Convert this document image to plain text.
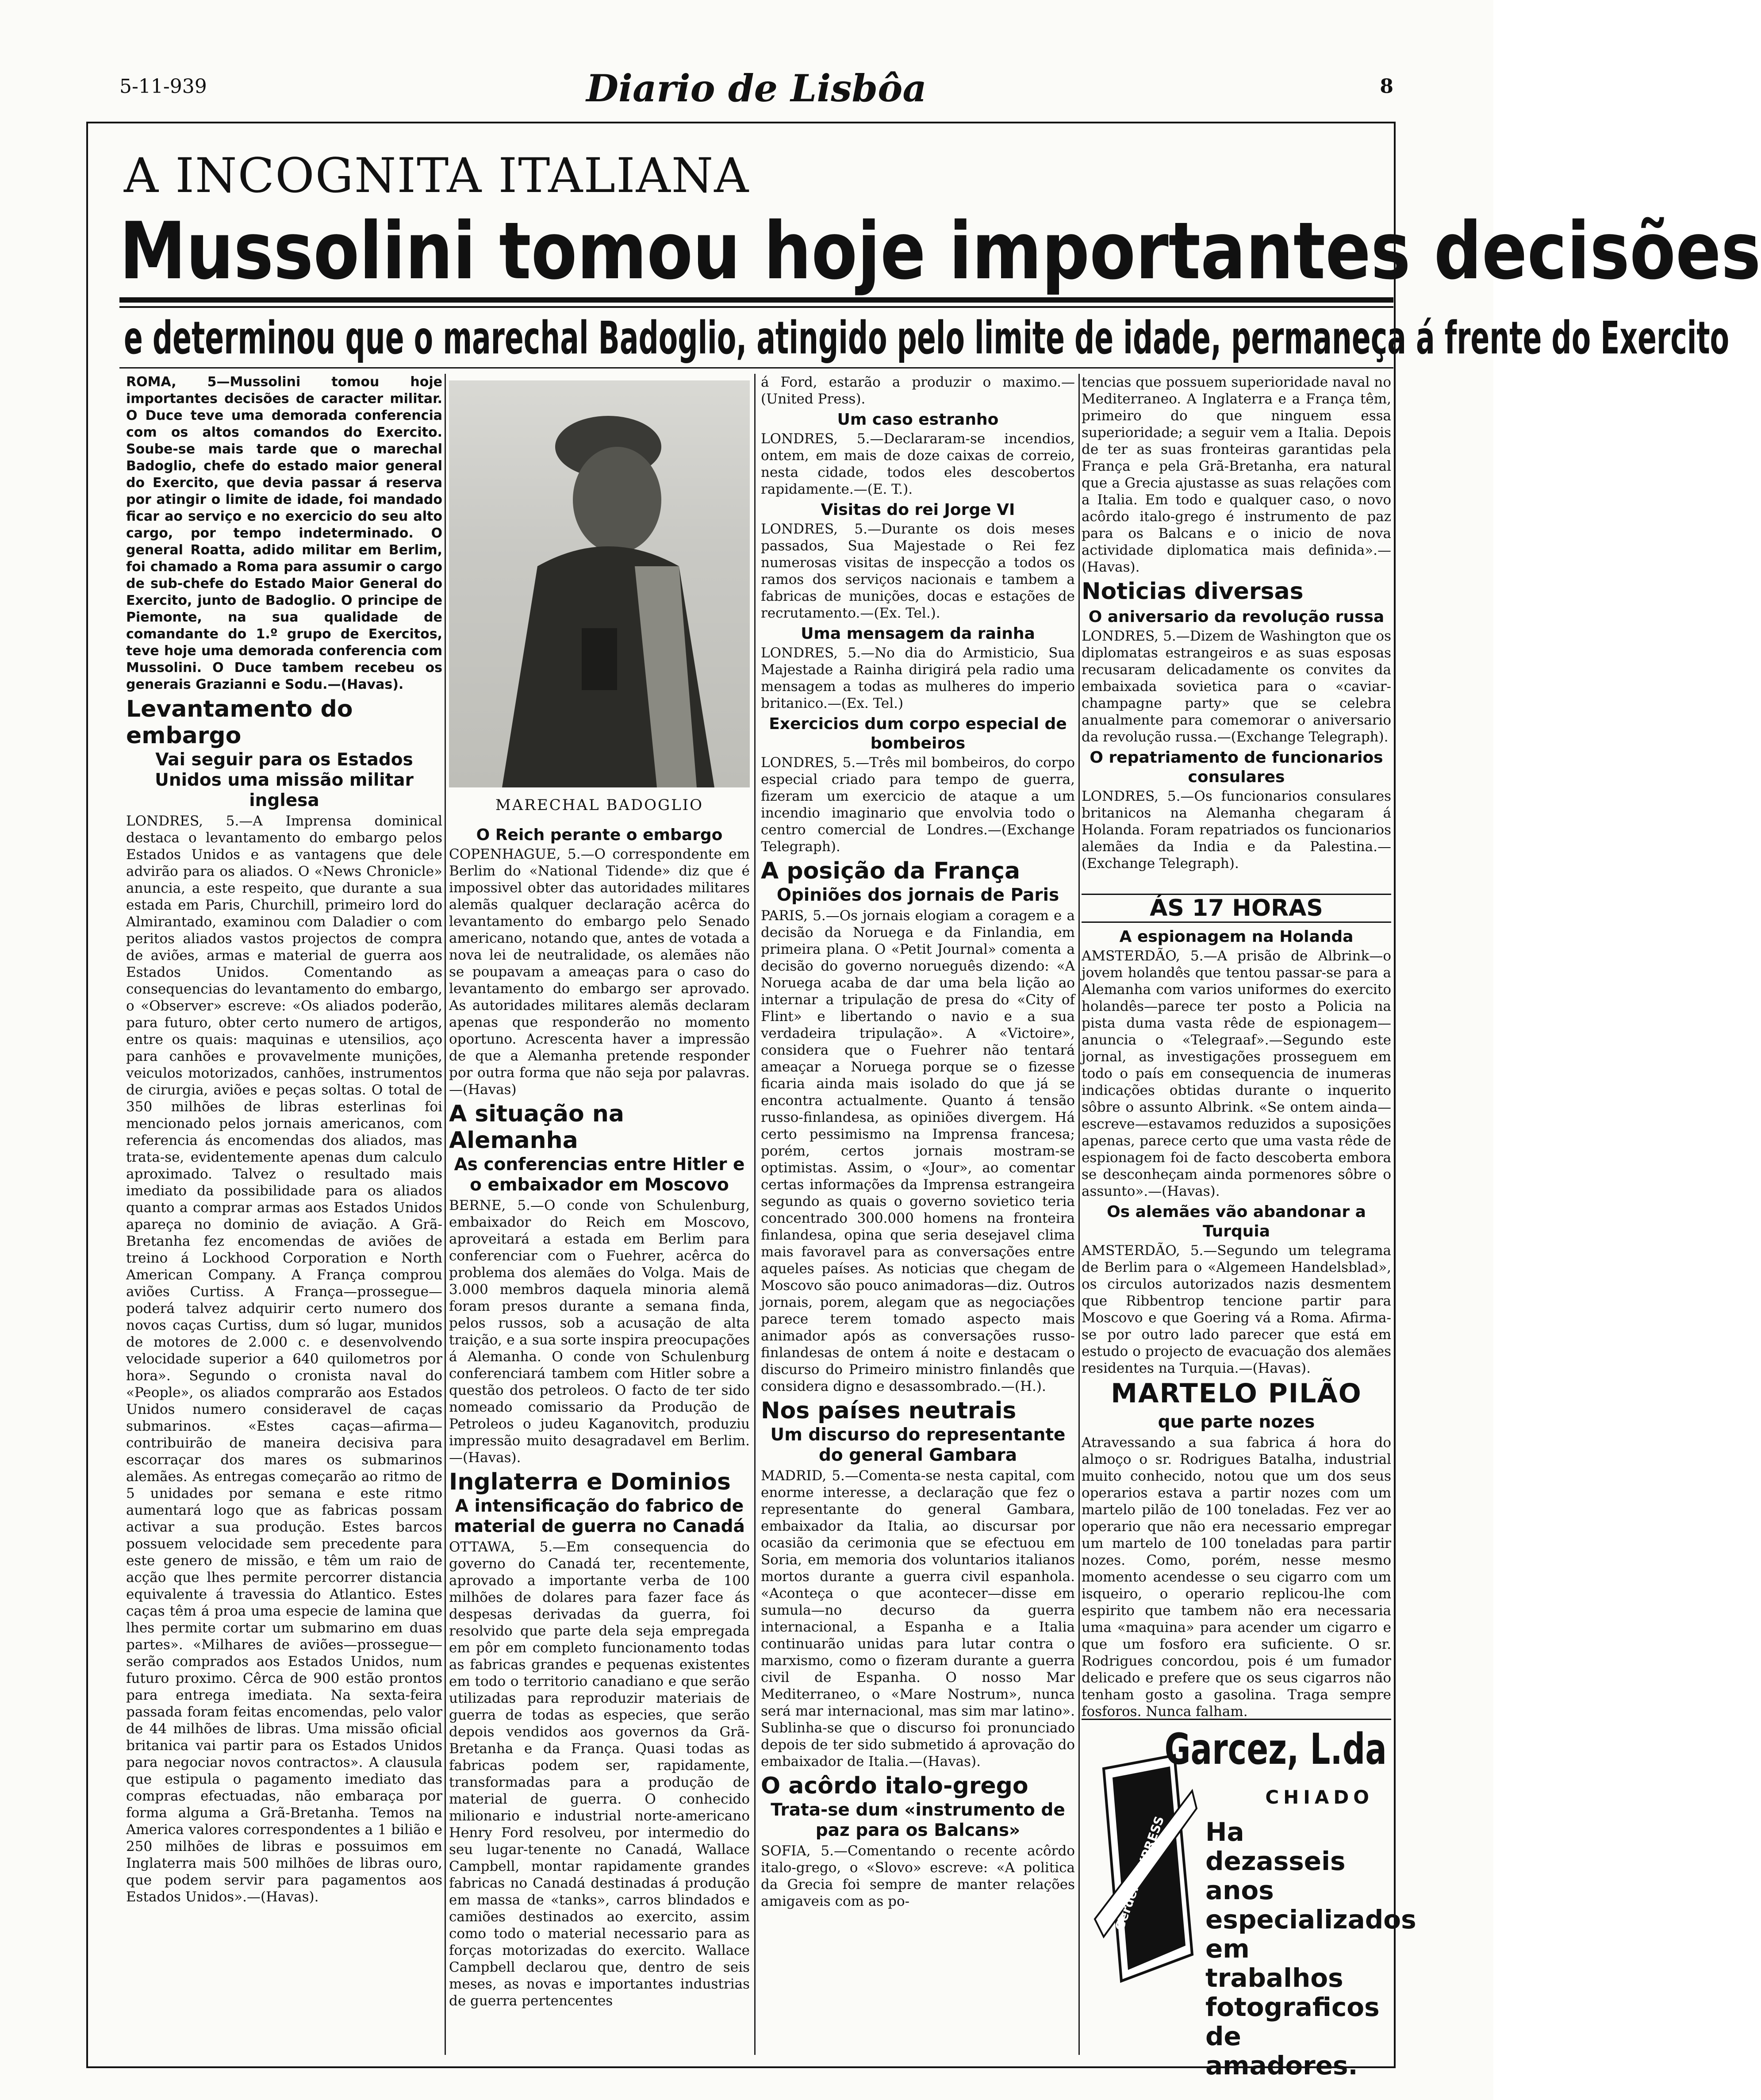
5-11-939	Diario de Lisbôa	8
A INCOGNITA ITALIANA
Mussolini tomou hoje importantes decisões
e determinou que o marechal Badoglio, atingido pelo limite de idade, permaneça á frente do Exercito

ROMA, 5—Mussolini tomou hoje importantes decisões de caracter militar. O Duce teve uma demorada conferencia com os altos comandos do Exercito. Soube-se mais tarde que o marechal Badoglio, chefe do estado maior general do Exercito, que devia passar á reserva por atingir o limite de idade, foi mandado ficar ao serviço e no exercicio do seu alto cargo, por tempo indeterminado. O general Roatta, adido militar em Berlim, foi chamado a Roma para assumir o cargo de sub-chefe do Estado Maior General do Exercito, junto de Badoglio. O principe de Piemonte, na sua qualidade de comandante do 1.º grupo de Exercitos, teve hoje uma demorada conferencia com Mussolini. O Duce tambem recebeu os generais Grazianni e Sodu.—(Havas).

Levantamento do embargo
Vai seguir para os Estados Unidos uma missão militar inglesa

LONDRES, 5.—A Imprensa dominical destaca o levantamento do embargo pelos Estados Unidos e as vantagens que dele advirão para os aliados. O «News Chronicle» anuncia, a este respeito, que durante a sua estada em Paris, Churchill, primeiro lord do Almirantado, examinou com Daladier o com peritos aliados vastos projectos de compra de aviões, armas e material de guerra aos Estados Unidos. Comentando as consequencias do levantamento do embargo, o «Observer» escreve: «Os aliados poderão, para futuro, obter certo numero de artigos, entre os quais: maquinas e utensilios, aço para canhões e provavelmente munições, veiculos motorizados, canhões, instrumentos de cirurgia, aviões e peças soltas. O total de 350 milhões de libras esterlinas foi mencionado pelos jornais americanos, com referencia ás encomendas dos aliados, mas trata-se, evidentemente apenas dum calculo aproximado. Talvez o resultado mais imediato da possibilidade para os aliados quanto a comprar armas aos Estados Unidos apareça no dominio de aviação. A Grã-Bretanha fez encomendas de aviões de treino á Lockhood Corporation e North American Company. A França comprou aviões Curtiss. A França—prossegue—poderá talvez adquirir certo numero dos novos caças Curtiss, dum só lugar, munidos de motores de 2.000 c. e desenvolvendo velocidade superior a 640 quilometros por hora». Segundo o cronista naval do «People», os aliados comprarão aos Estados Unidos numero consideravel de caças submarinos. «Estes caças—afirma—contribuirão de maneira decisiva para escorraçar dos mares os submarinos alemães. As entregas começarão ao ritmo de 5 unidades por semana e este ritmo aumentará logo que as fabricas possam activar a sua produção. Estes barcos possuem velocidade sem precedente para este genero de missão, e têm um raio de acção que lhes permite percorrer distancia equivalente á travessia do Atlantico. Estes caças têm á proa uma especie de lamina que lhes permite cortar um submarino em duas partes». «Milhares de aviões—prossegue—serão comprados aos Estados Unidos, num futuro proximo. Cêrca de 900 estão prontos para entrega imediata. Na sexta-feira passada foram feitas encomendas, pelo valor de 44 milhões de libras. Uma missão oficial britanica vai partir para os Estados Unidos para negociar novos contractos». A clausula que estipula o pagamento imediato das compras efectuadas, não embaraça por forma alguma a Grã-Bretanha. Temos na America valores correspondentes a 1 bilião e 250 milhões de libras e possuimos em Inglaterra mais 500 milhões de libras ouro, que podem servir para pagamentos aos Estados Unidos».—(Havas).

MARECHAL BADOGLIO
O Reich perante o embargo

COPENHAGUE, 5.—O correspondente em Berlim do «National Tidende» diz que é impossivel obter das autoridades militares alemãs qualquer declaração acêrca do levantamento do embargo pelo Senado americano, notando que, antes de votada a nova lei de neutralidade, os alemães não se poupavam a ameaças para o caso do levantamento do embargo ser aprovado. As autoridades militares alemãs declaram apenas que responderão no momento oportuno. Acrescenta haver a impressão de que a Alemanha pretende responder por outra forma que não seja por palavras.—(Havas)

A situação na Alemanha
As conferencias entre Hitler e o embaixador em Moscovo

BERNE, 5.—O conde von Schulenburg, embaixador do Reich em Moscovo, aproveitará a estada em Berlim para conferenciar com o Fuehrer, acêrca do problema dos alemães do Volga. Mais de 3.000 membros daquela minoria alemã foram presos durante a semana finda, pelos russos, sob a acusação de alta traição, e a sua sorte inspira preocupações á Alemanha. O conde von Schulenburg conferenciará tambem com Hitler sobre a questão dos petroleos. O facto de ter sido nomeado comissario da Produção de Petroleos o judeu Kaganovitch, produziu impressão muito desagradavel em Berlim.—(Havas).

Inglaterra e Dominios
A intensificação do fabrico de material de guerra no Canadá

OTTAWA, 5.—Em consequencia do governo do Canadá ter, recentemente, aprovado a importante verba de 100 milhões de dolares para fazer face ás despesas derivadas da guerra, foi resolvido que parte dela seja empregada em pôr em completo funcionamento todas as fabricas grandes e pequenas existentes em todo o territorio canadiano e que serão utilizadas para reproduzir materiais de guerra de todas as especies, que serão depois vendidos aos governos da Grã-Bretanha e da França. Quasi todas as fabricas podem ser, rapidamente, transformadas para a produção de material de guerra. O conhecido milionario e industrial norte-americano Henry Ford resolveu, por intermedio do seu lugar-tenente no Canadá, Wallace Campbell, montar rapidamente grandes fabricas no Canadá destinadas á produção em massa de «tanks», carros blindados e camiões destinados ao exercito, assim como todo o material necessario para as forças motorizadas do exercito. Wallace Campbell declarou que, dentro de seis meses, as novas e importantes industrias de guerra pertencentes

á Ford, estarão a produzir o maximo.—(United Press).

Um caso estranho

LONDRES, 5.—Declararam-se incendios, ontem, em mais de doze caixas de correio, nesta cidade, todos eles descobertos rapidamente.—(E. T.).

Visitas do rei Jorge VI

LONDRES, 5.—Durante os dois meses passados, Sua Majestade o Rei fez numerosas visitas de inspecção a todos os ramos dos serviços nacionais e tambem a fabricas de munições, docas e estações de recrutamento.—(Ex. Tel.).

Uma mensagem da rainha

LONDRES, 5.—No dia do Armisticio, Sua Majestade a Rainha dirigirá pela radio uma mensagem a todas as mulheres do imperio britanico.—(Ex. Tel.)

Exercicios dum corpo especial de bombeiros

LONDRES, 5.—Três mil bombeiros, do corpo especial criado para tempo de guerra, fizeram um exercicio de ataque a um incendio imaginario que envolvia todo o centro comercial de Londres.—(Exchange Telegraph).

A posição da França
Opiniões dos jornais de Paris

PARIS, 5.—Os jornais elogiam a coragem e a decisão da Noruega e da Finlandia, em primeira plana. O «Petit Journal» comenta a decisão do governo norueguês dizendo: «A Noruega acaba de dar uma bela lição ao internar a tripulação de presa do «City of Flint» e libertando o navio e a sua verdadeira tripulação». A «Victoire», considera que o Fuehrer não tentará ameaçar a Noruega porque se o fizesse ficaria ainda mais isolado do que já se encontra actualmente. Quanto á tensão russo-finlandesa, as opiniões divergem. Há certo pessimismo na Imprensa francesa; porém, certos jornais mostram-se optimistas. Assim, o «Jour», ao comentar certas informações da Imprensa estrangeira segundo as quais o governo sovietico teria concentrado 300.000 homens na fronteira finlandesa, opina que seria desejavel clima mais favoravel para as conversações entre aqueles países. As noticias que chegam de Moscovo são pouco animadoras—diz. Outros jornais, porem, alegam que as negociações parece terem tomado aspecto mais animador após as conversações russo-finlandesas de ontem á noite e destacam o discurso do Primeiro ministro finlandês que considera digno e desassombrado.—(H.).

Nos países neutrais
Um discurso do representante do general Gambara

MADRID, 5.—Comenta-se nesta capital, com enorme interesse, a declaração que fez o representante do general Gambara, embaixador da Italia, ao discursar por ocasião da cerimonia que se efectuou em Soria, em memoria dos voluntarios italianos mortos durante a guerra civil espanhola. «Aconteça o que acontecer—disse em sumula—no decurso da guerra internacional, a Espanha e a Italia continuarão unidas para lutar contra o marxismo, como o fizeram durante a guerra civil de Espanha. O nosso Mar Mediterraneo, o «Mare Nostrum», nunca será mar internacional, mas sim mar latino». Sublinha-se que o discurso foi pronunciado depois de ter sido submetido á aprovação do embaixador de Italia.—(Havas).

O acôrdo italo-grego
Trata-se dum «instrumento de paz para os Balcans»

SOFIA, 5.—Comentando o recente acôrdo italo-grego, o «Slovo» escreve: «A politica da Grecia foi sempre de manter relações amigaveis com as po-

tencias que possuem superioridade naval no Mediterraneo. A Inglaterra e a França têm, primeiro do que ninguem essa superioridade; a seguir vem a Italia. Depois de ter as suas fronteiras garantidas pela França e pela Grã-Bretanha, era natural que a Grecia ajustasse as suas relações com a Italia. Em todo e qualquer caso, o novo acôrdo italo-grego é instrumento de paz para os Balcans e o inicio de nova actividade diplomatica mais definida».—(Havas).

Noticias diversas
O aniversario da revolução russa

LONDRES, 5.—Dizem de Washington que os diplomatas estrangeiros e as suas esposas recusaram delicadamente os convites da embaixada sovietica para o «caviar-champagne party» que se celebra anualmente para comemorar o aniversario da revolução russa.—(Exchange Telegraph).

O repatriamento de funcionarios consulares

LONDRES, 5.—Os funcionarios consulares britanicos na Alemanha chegaram á Holanda. Foram repatriados os funcionarios alemães da India e da Palestina.—(Exchange Telegraph).

ÁS 17 HORAS
A espionagem na Holanda

AMSTERDÃO, 5.—A prisão de Albrink—o jovem holandês que tentou passar-se para a Alemanha com varios uniformes do exercito holandês—parece ter posto a Policia na pista duma vasta rêde de espionagem—anuncia o «Telegraaf».—Segundo este jornal, as investigações prosseguem em todo o país em consequencia de inumeras indicações obtidas durante o inquerito sôbre o assunto Albrink. «Se ontem ainda—escreve—estavamos reduzidos a suposições apenas, parece certo que uma vasta rêde de espionagem foi de facto descoberta embora se desconheçam ainda pormenores sôbre o assunto».—(Havas).

Os alemães vão abandonar a Turquia

AMSTERDÃO, 5.—Segundo um telegrama de Berlim para o «Algemeen Handelsblad», os circulos autorizados nazis desmentem que Ribbentrop tencione partir para Moscovo e que Goering vá a Roma. Afirma-se por outro lado parecer que está em estudo o projecto de evacuação dos alemães residentes na Turquia.—(Havas).

MARTELO PILÃO
que parte nozes

Atravessando a sua fabrica á hora do almoço o sr. Rodrigues Batalha, industrial muito conhecido, notou que um dos seus operarios estava a partir nozes com um martelo pilão de 100 toneladas. Fez ver ao operario que não era necessario empregar um martelo de 100 toneladas para partir nozes. Como, porém, nesse mesmo momento acendesse o seu cigarro com um isqueiro, o operario replicou-lhe com espirito que tambem não era necessaria uma «maquina» para acender um cigarro e que um fosforo era suficiente. O sr. Rodrigues concordou, pois é um fumador delicado e prefere que os seus cigarros não tenham gosto a gasolina. Traga sempre fosforos. Nunca falham.

Gerdert EXPRESS
Garcez, L.da
CHIADO
Ha dezasseis anos especializados em trabalhos fotograficos de amadores.
